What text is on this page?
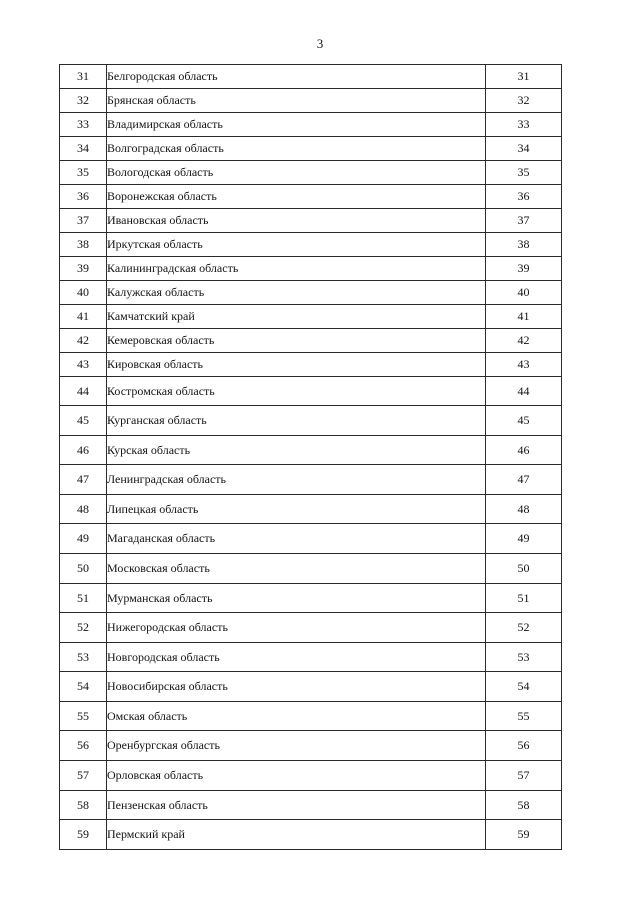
3
31	Белгородская область	31
32	Брянская область	32
33	Владимирская область	33
34	Волгоградская область	34
35	Вологодская область	35
36	Воронежская область	36
37	Ивановская область	37
38	Иркутская область	38
39	Калининградская область	39
40	Калужская область	40
41	Камчатский край	41
42	Кемеровская область	42
43	Кировская область	43
44	Костромская область	44
45	Курганская область	45
46	Курская область	46
47	Ленинградская область	47
48	Липецкая область	48
49	Магаданская область	49
50	Московская область	50
51	Мурманская область	51
52	Нижегородская область	52
53	Новгородская область	53
54	Новосибирская область	54
55	Омская область	55
56	Оренбургская область	56
57	Орловская область	57
58	Пензенская область	58
59	Пермский край	59
